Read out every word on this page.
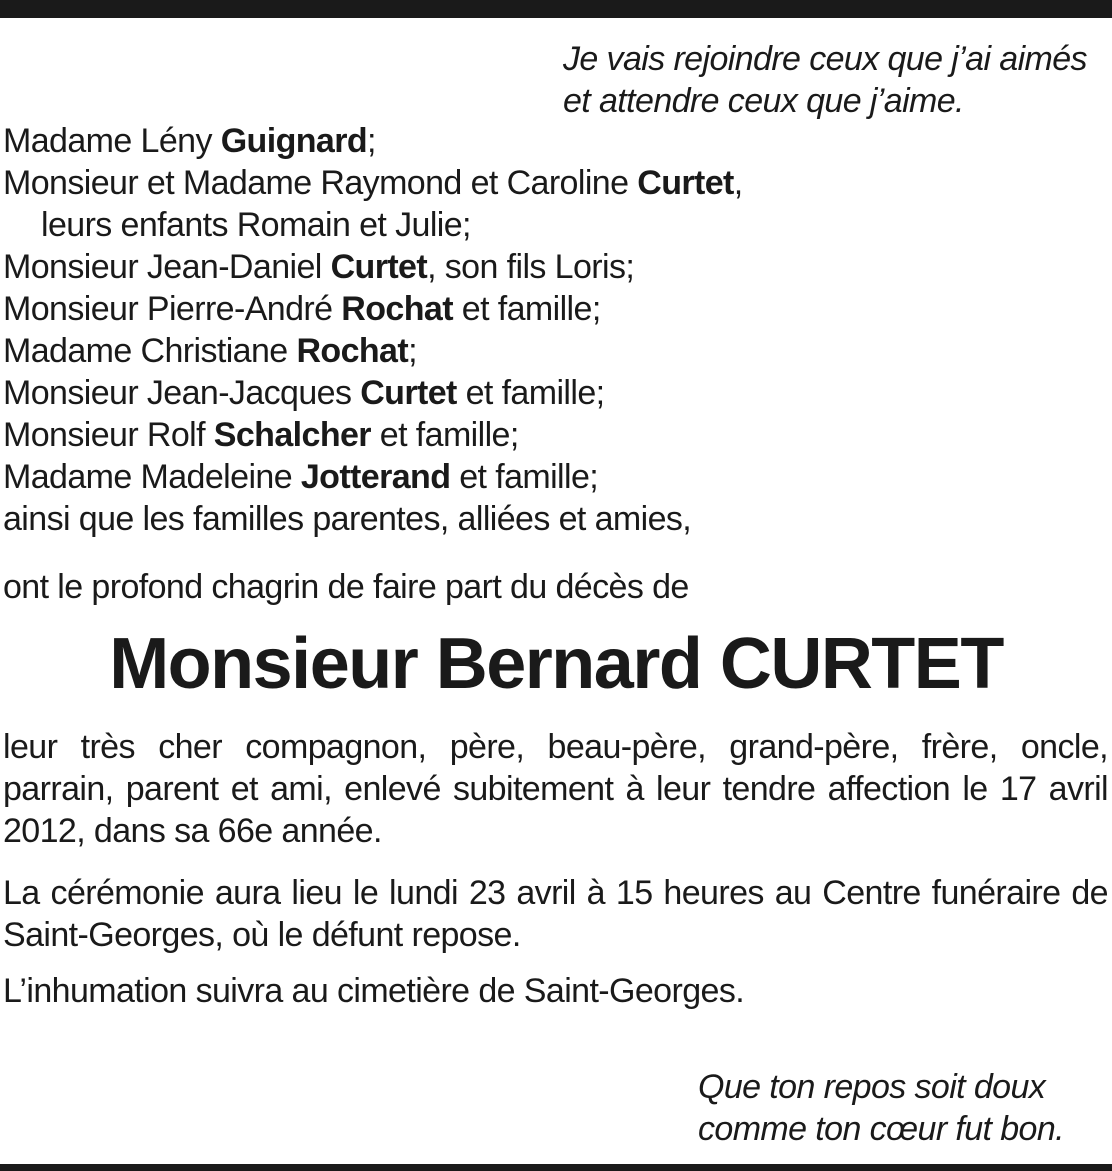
Je vais rejoindre ceux que j’ai aimés
et attendre ceux que j’aime.
Madame Lény Guignard;
Monsieur et Madame Raymond et Caroline Curtet,
leurs enfants Romain et Julie;
Monsieur Jean-Daniel Curtet, son fils Loris;
Monsieur Pierre-André Rochat et famille;
Madame Christiane Rochat;
Monsieur Jean-Jacques Curtet et famille;
Monsieur Rolf Schalcher et famille;
Madame Madeleine Jotterand et famille;
ainsi que les familles parentes, alliées et amies,
ont le profond chagrin de faire part du décès de
Monsieur Bernard CURTET
leur très cher compagnon, père, beau-père, grand-père, frère, oncle, parrain, parent et ami, enlevé subitement à leur tendre affection le 17 avril 2012, dans sa 66e année.
La cérémonie aura lieu le lundi 23 avril à 15 heures au Centre funéraire de Saint-Georges, où le défunt repose.
L’inhumation suivra au cimetière de Saint-Georges.
Que ton repos soit doux
comme ton cœur fut bon.
